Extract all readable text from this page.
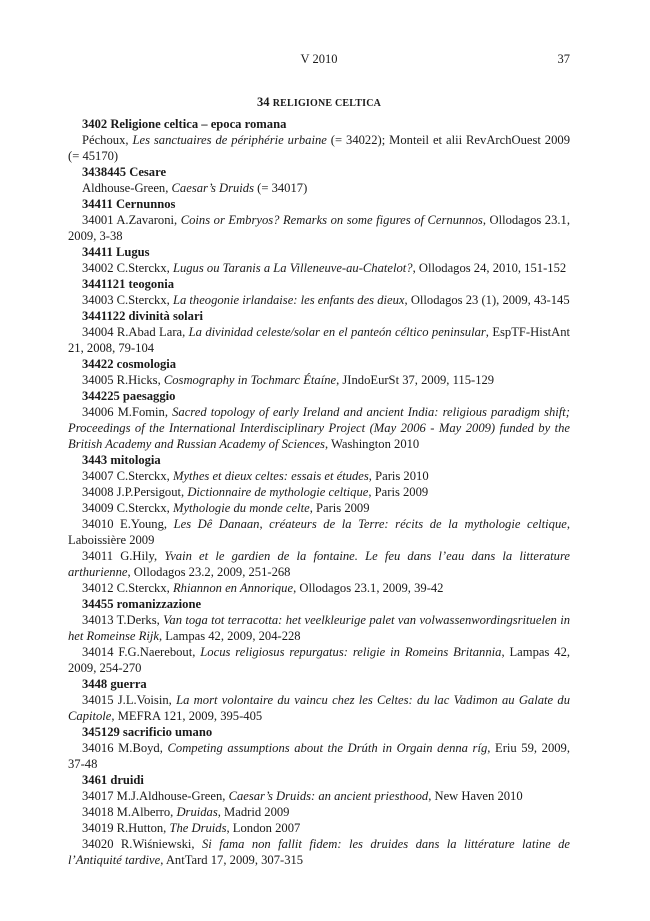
V 2010	37
34 RELIGIONE CELTICA
3402 Religione celtica – epoca romana
Péchoux, Les sanctuaires de périphérie urbaine (= 34022); Monteil et alii RevArchOuest 2009 (= 45170)
3438445 Cesare
Aldhouse-Green, Caesar’s Druids (= 34017)
34411 Cernunnos
34001 A.Zavaroni, Coins or Embryos? Remarks on some figures of Cernunnos, Ollodagos 23.1, 2009, 3-38
34411 Lugus
34002 C.Sterckx, Lugus ou Taranis a La Villeneuve-au-Chatelot?, Ollodagos 24, 2010, 151-152
3441121 teogonia
34003 C.Sterckx, La theogonie irlandaise: les enfants des dieux, Ollodagos 23 (1), 2009, 43-145
3441122 divinità solari
34004 R.Abad Lara, La divinidad celeste/solar en el panteón céltico peninsular, EspTF-HistAnt 21, 2008, 79-104
34422 cosmologia
34005 R.Hicks, Cosmography in Tochmarc Étaíne, JIndoEurSt 37, 2009, 115-129
344225 paesaggio
34006 M.Fomin, Sacred topology of early Ireland and ancient India: religious paradigm shift; Proceedings of the International Interdisciplinary Project (May 2006 - May 2009) funded by the British Academy and Russian Academy of Sciences, Washington 2010
3443 mitologia
34007 C.Sterckx, Mythes et dieux celtes: essais et études, Paris 2010
34008 J.P.Persigout, Dictionnaire de mythologie celtique, Paris 2009
34009 C.Sterckx, Mythologie du monde celte, Paris 2009
34010 E.Young, Les Dê Danaan, créateurs de la Terre: récits de la mythologie celtique, Laboissière 2009
34011 G.Hily, Yvain et le gardien de la fontaine. Le feu dans l’eau dans la litterature arthurienne, Ollodagos 23.2, 2009, 251-268
34012 C.Sterckx, Rhiannon en Annorique, Ollodagos 23.1, 2009, 39-42
34455 romanizzazione
34013 T.Derks, Van toga tot terracotta: het veelkleurige palet van volwassenwordingsrituelen in het Romeinse Rijk, Lampas 42, 2009, 204-228
34014 F.G.Naerebout, Locus religiosus repurgatus: religie in Romeins Britannia, Lampas 42, 2009, 254-270
3448 guerra
34015 J.L.Voisin, La mort volontaire du vaincu chez les Celtes: du lac Vadimon au Galate du Capitole, MEFRA 121, 2009, 395-405
345129 sacrificio umano
34016 M.Boyd, Competing assumptions about the Drúth in Orgain denna ríg, Eriu 59, 2009, 37-48
3461 druidi
34017 M.J.Aldhouse-Green, Caesar’s Druids: an ancient priesthood, New Haven 2010
34018 M.Alberro, Druidas, Madrid 2009
34019 R.Hutton, The Druids, London 2007
34020 R.Wiśniewski, Si fama non fallit fidem: les druides dans la littérature latine de l’Antiquité tardive, AntTard 17, 2009, 307-315
